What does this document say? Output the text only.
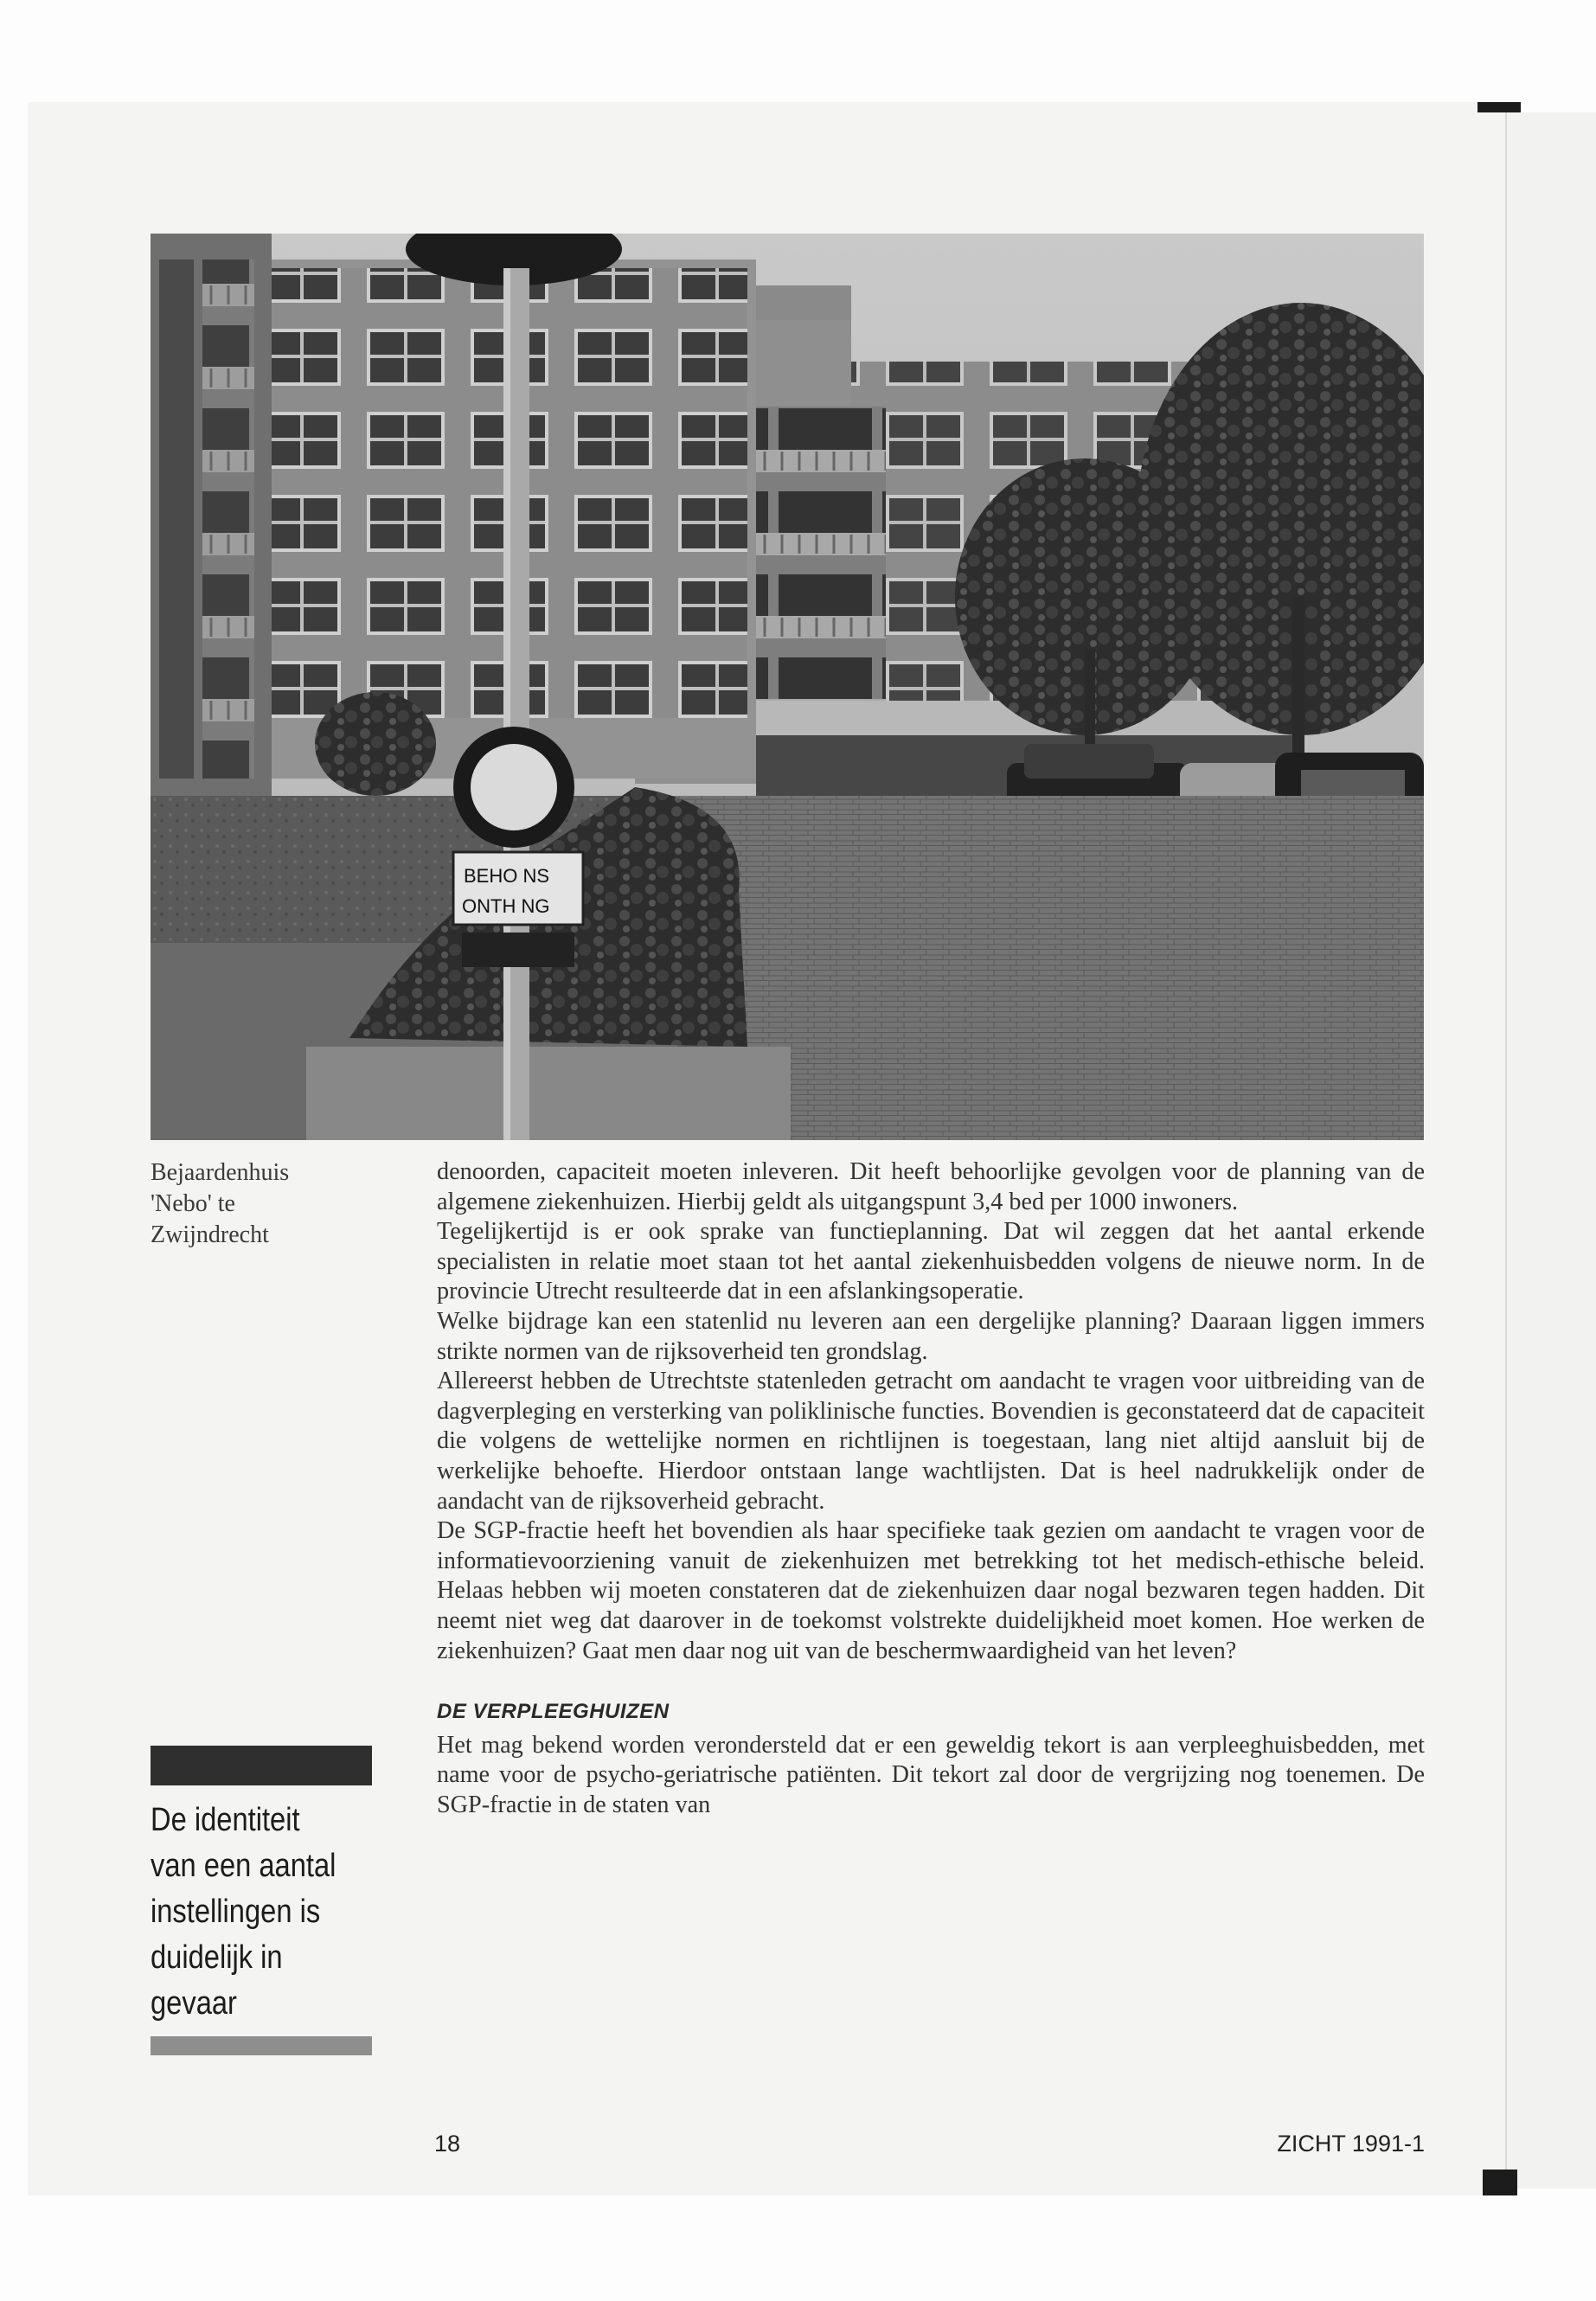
BEHO NS
ONTH NG
Bejaardenhuis
'Nebo' te
Zwijndrecht

denoorden, capaciteit moeten inleveren. Dit heeft behoorlijke gevolgen voor de planning van de algemene ziekenhuizen. Hierbij geldt als uitgangspunt 3,4 bed per 1000 inwoners.

Tegelijkertijd is er ook sprake van functieplanning. Dat wil zeggen dat het aantal erkende specialisten in relatie moet staan tot het aantal ziekenhuisbedden volgens de nieuwe norm. In de provincie Utrecht resulteerde dat in een afslankingsoperatie.

Welke bijdrage kan een statenlid nu leveren aan een dergelijke planning? Daaraan liggen immers strikte normen van de rijksoverheid ten grondslag.

Allereerst hebben de Utrechtste statenleden getracht om aandacht te vragen voor uitbreiding van de dagverpleging en versterking van poliklinische functies. Bovendien is geconstateerd dat de capaciteit die volgens de wettelijke normen en richtlijnen is toegestaan, lang niet altijd aansluit bij de werkelijke behoefte. Hierdoor ontstaan lange wachtlijsten. Dat is heel nadrukkelijk onder de aandacht van de rijksoverheid gebracht.

De SGP-fractie heeft het bovendien als haar specifieke taak gezien om aandacht te vragen voor de informatievoorziening vanuit de ziekenhuizen met betrekking tot het medisch-ethische beleid. Helaas hebben wij moeten constateren dat de ziekenhuizen daar nogal bezwaren tegen hadden. Dit neemt niet weg dat daarover in de toekomst volstrekte duidelijkheid moet komen. Hoe werken de ziekenhuizen? Gaat men daar nog uit van de beschermwaardigheid van het leven?

DE VERPLEEGHUIZEN

Het mag bekend worden verondersteld dat er een geweldig tekort is aan verpleeghuisbedden, met name voor de psycho-geriatrische patiënten. Dit tekort zal door de vergrijzing nog toenemen. De SGP-fractie in de staten van

De identiteit
van een aantal
instellingen is
duidelijk in
gevaar
18	ZICHT 1991-1
